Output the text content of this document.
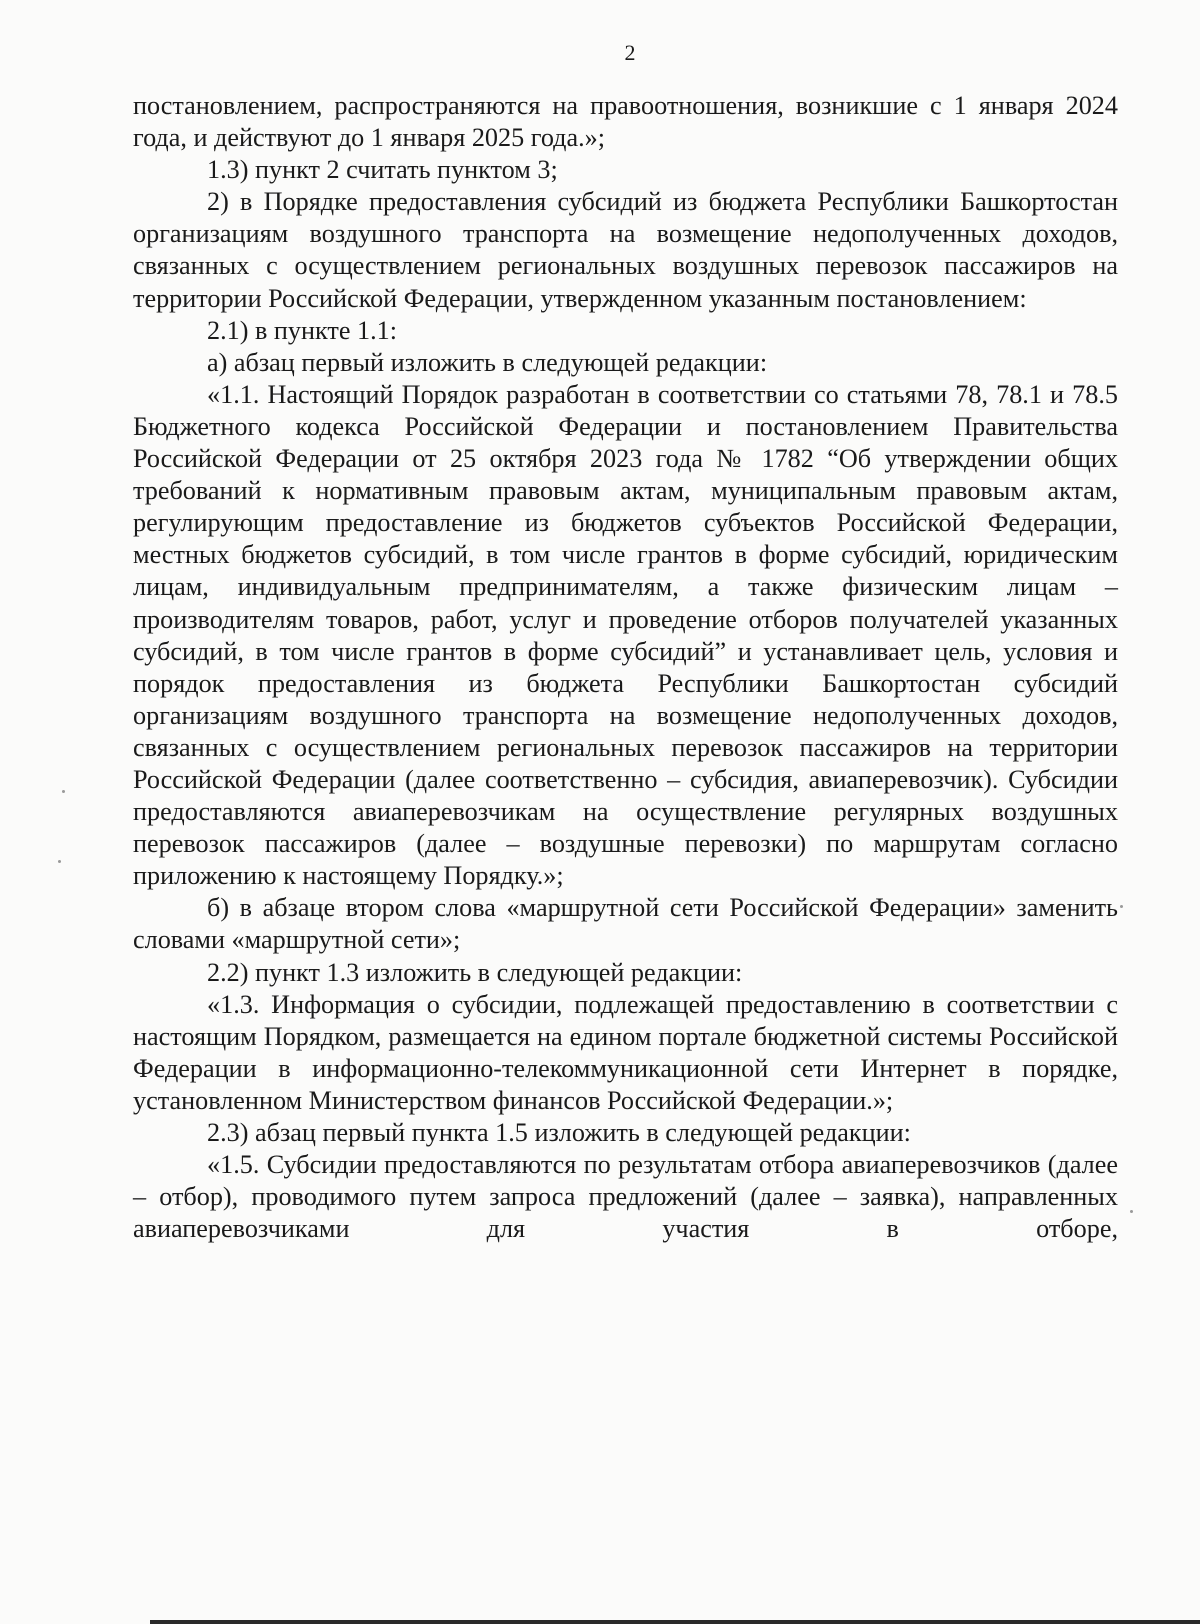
2

постановлением, распространяются на правоотношения, возникшие с 1 января 2024 года, и действуют до 1 января 2025 года.»;

1.3) пункт 2 считать пунктом 3;

2) в Порядке предоставления субсидий из бюджета Республики Башкортостан организациям воздушного транспорта на возмещение недополученных доходов, связанных с осуществлением региональных воздушных перевозок пассажиров на территории Российской Федерации, утвержденном указанным постановлением:

2.1) в пункте 1.1:

а) абзац первый изложить в следующей редакции:

«1.1. Настоящий Порядок разработан в соответствии со статьями 78, 78.1 и 78.5 Бюджетного кодекса Российской Федерации и постановлением Правительства Российской Федерации от 25 октября 2023 года № 1782 “Об утверждении общих требований к нормативным правовым актам, муниципальным правовым актам, регулирующим предоставление из бюджетов субъектов Российской Федерации, местных бюджетов субсидий, в том числе грантов в форме субсидий, юридическим лицам, индивидуальным предпринимателям, а также физическим лицам – производителям товаров, работ, услуг и проведение отборов получателей указанных субсидий, в том числе грантов в форме субсидий” и устанавливает цель, условия и порядок предоставления из бюджета Республики Башкортостан субсидий организациям воздушного транспорта на возмещение недополученных доходов, связанных с осуществлением региональных перевозок пассажиров на территории Российской Федерации (далее соответственно – субсидия, авиаперевозчик). Субсидии предоставляются авиаперевозчикам на осуществление регулярных воздушных перевозок пассажиров (далее – воздушные перевозки) по маршрутам согласно приложению к настоящему Порядку.»;

б) в абзаце втором слова «маршрутной сети Российской Федерации» заменить словами «маршрутной сети»;

2.2) пункт 1.3 изложить в следующей редакции:

«1.3. Информация о субсидии, подлежащей предоставлению в соответствии с настоящим Порядком, размещается на едином портале бюджетной системы Российской Федерации в информационно-телекоммуникационной сети Интернет в порядке, установленном Министерством финансов Российской Федерации.»;

2.3) абзац первый пункта 1.5 изложить в следующей редакции:

«1.5. Субсидии предоставляются по результатам отбора авиаперевозчиков (далее – отбор), проводимого путем запроса предложений (далее – заявка), направленных авиаперевозчиками для участия в отборе,
